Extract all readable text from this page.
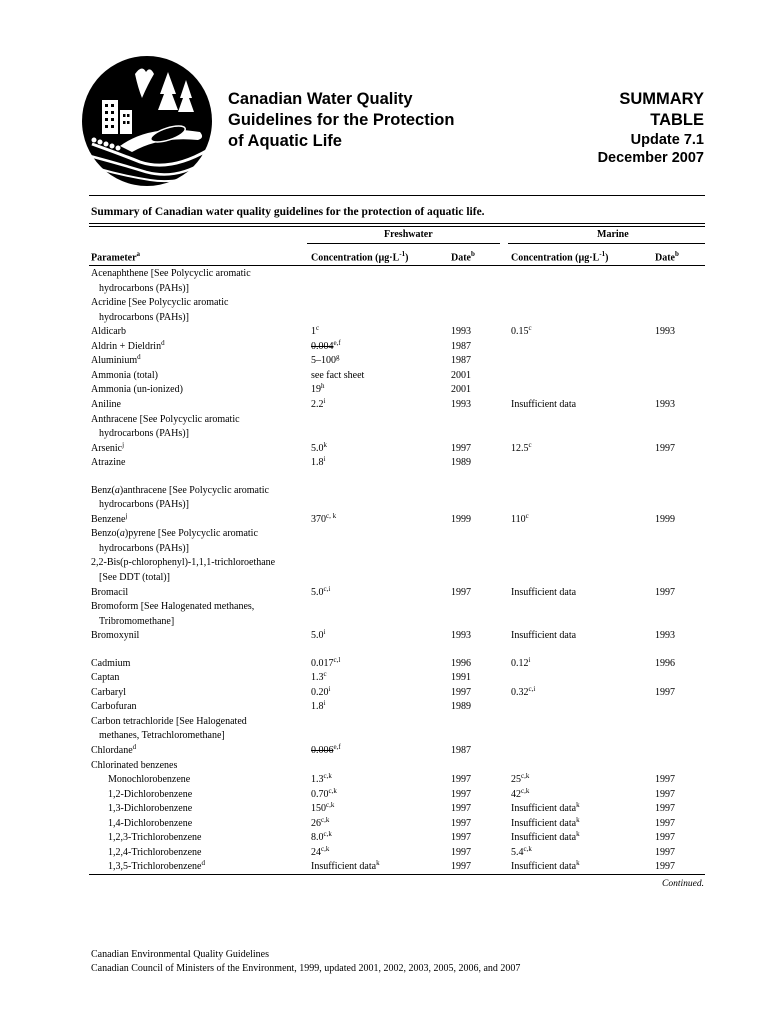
Canadian Water Quality
Guidelines for the Protection
of Aquatic Life
SUMMARY
TABLE
Update 7.1
December 2007
Summary of Canadian water quality guidelines for the protection of aquatic life.
Freshwater	Marine
Parameter$^a$	Concentration $(\mu g\cdot L^{-1})$	Date$^b$	Concentration $(\mu g\cdot L^{-1})$	Date$^b$
Acenaphthene [See Polycyclic aromatic
hydrocarbons (PAHs)]
Acridine [See Polycyclic aromatic
hydrocarbons (PAHs)]
Aldicarb	1$^c$	1993	0.15$^c$	1993
Aldrin + Dieldrin$^d$	0.004$^{e,f}$	1987
Aluminium$^d$	5–100$^g$	1987
Ammonia (total)	see fact sheet	2001
Ammonia (un-ionized)	19$^h$	2001
Aniline	2.2$^i$	1993	Insufficient data	1993
Anthracene [See Polycyclic aromatic
hydrocarbons (PAHs)]
Arsenic$^j$	5.0$^k$	1997	12.5$^c$	1997
Atrazine	1.8$^i$	1989
Benz(a)anthracene [See Polycyclic aromatic
hydrocarbons (PAHs)]
Benzene$^j$	370$^{c, k}$	1999	110$^c$	1999
Benzo(a)pyrene [See Polycyclic aromatic
hydrocarbons (PAHs)]
2,2-Bis(p-chlorophenyl)-1,1,1-trichloroethane
[See DDT (total)]
Bromacil	5.0$^{c,i}$	1997	Insufficient data	1997
Bromoform [See Halogenated methanes,
Tribromomethane]
Bromoxynil	5.0$^i$	1993	Insufficient data	1993
Cadmium	0.017$^{c,l}$	1996	0.12$^i$	1996
Captan	1.3$^c$	1991
Carbaryl	0.20$^i$	1997	0.32$^{c,i}$	1997
Carbofuran	1.8$^i$	1989
Carbon tetrachloride [See Halogenated
methanes, Tetrachloromethane]
Chlordane$^d$	0.006$^{e,f}$	1987
Chlorinated benzenes
Monochlorobenzene	1.3$^{c,k}$	1997	25$^{c,k}$	1997
1,2-Dichlorobenzene	0.70$^{c,k}$	1997	42$^{c,k}$	1997
1,3-Dichlorobenzene	150$^{c,k}$	1997	Insufficient data$^k$	1997
1,4-Dichlorobenzene	26$^{c,k}$	1997	Insufficient data$^k$	1997
1,2,3-Trichlorobenzene	8.0$^{c,k}$	1997	Insufficient data$^k$	1997
1,2,4-Trichlorobenzene	24$^{c,k}$	1997	5.4$^{c,k}$	1997
1,3,5-Trichlorobenzene$^d$	Insufficient data$^k$	1997	Insufficient data$^k$	1997
Continued.
Canadian Environmental Quality Guidelines
Canadian Council of Ministers of the Environment, 1999, updated 2001, 2002, 2003, 2005, 2006, and 2007
